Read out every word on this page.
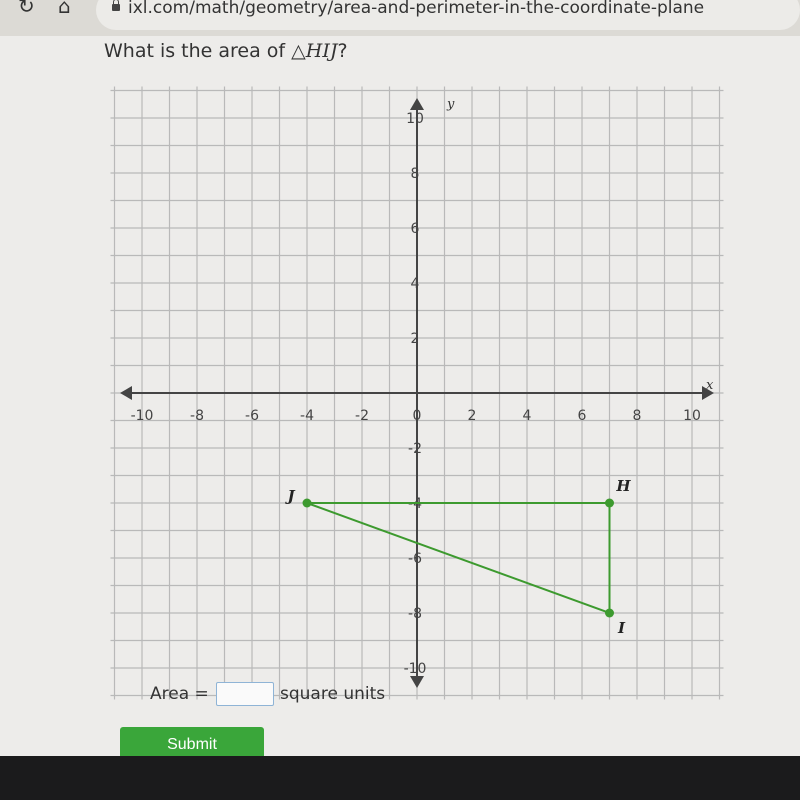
↻ ⌂	ixl.com/math/geometry/area-and-perimeter-in-the-coordinate-plane
What is the area of △HIJ?
x
y
-10	-8	-6	-4	-2	0	2	4	6	8	10
10
8
6
4
2
-2
-4
-6
-8
-10
H
I
J
Area =	square units
Submit
